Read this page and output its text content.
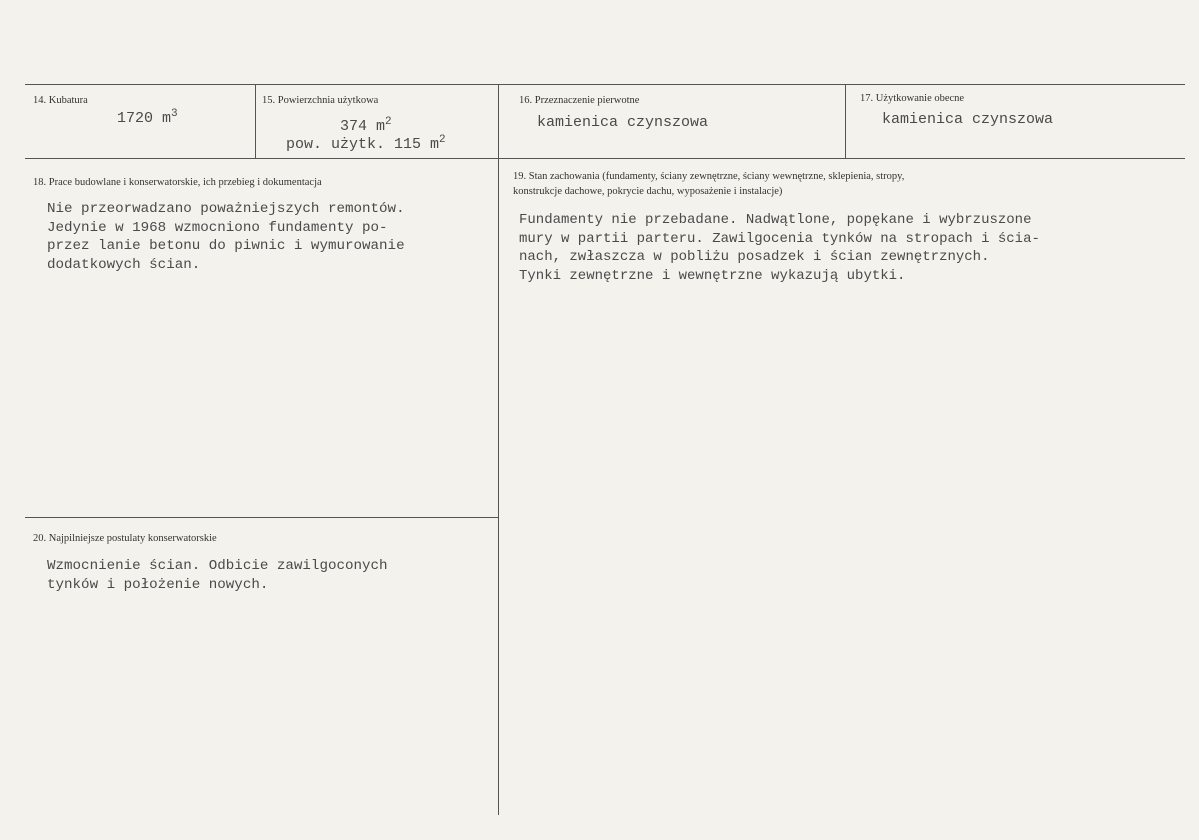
14. Kubatura
1720 $m^3$
15. Powierzchnia użytkowa
374 $m^2$
pow. użytk. 115 $m^2$
16. Przeznaczenie pierwotne
kamienica czynszowa
17. Użytkowanie obecne
kamienica czynszowa
18. Prace budowlane i konserwatorskie, ich przebieg i dokumentacja
Nie przeorwadzano poważniejszych remontów.
Jedynie w 1968 wzmocniono fundamenty po-
przez lanie betonu do piwnic i wymurowanie
dodatkowych ścian.
19. Stan zachowania (fundamenty, ściany zewnętrzne, ściany wewnętrzne, sklepienia, stropy,
konstrukcje dachowe, pokrycie dachu, wyposażenie i instalacje)
Fundamenty nie przebadane. Nadwątlone, popękane i wybrzuszone
mury w partii parteru. Zawilgocenia tynków na stropach i ścia-
nach, zwłaszcza w pobliżu posadzek i ścian zewnętrznych.
Tynki zewnętrzne i wewnętrzne wykazują ubytki.
20. Najpilniejsze postulaty konserwatorskie
Wzmocnienie ścian. Odbicie zawilgoconych
tynków i położenie nowych.
